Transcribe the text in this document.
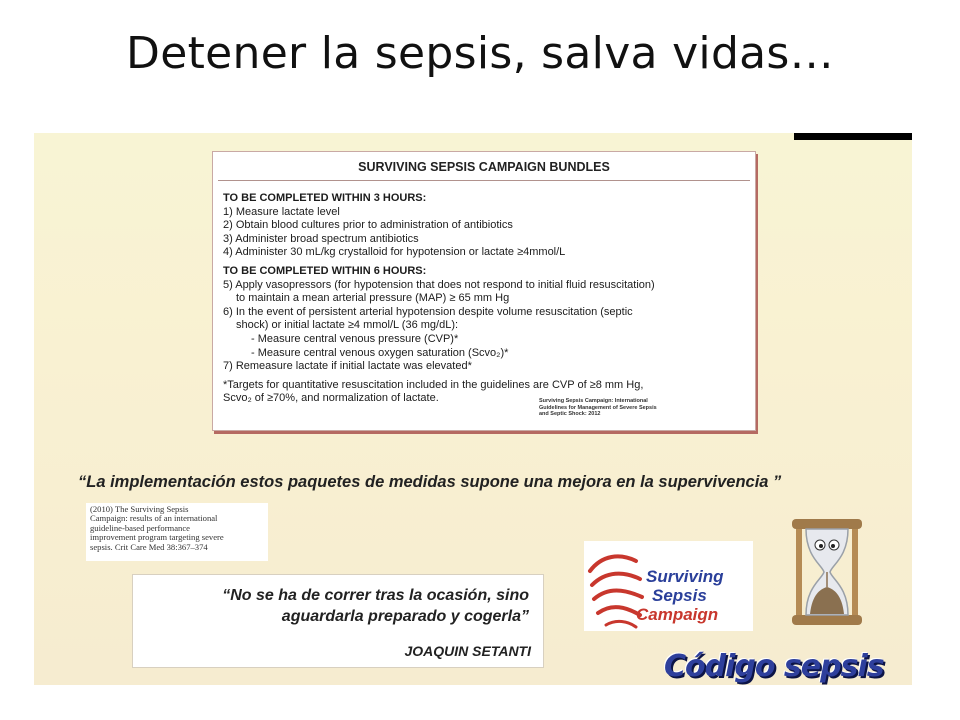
Detener la sepsis, salva vidas…
SURVIVING SEPSIS CAMPAIGN BUNDLES
TO BE COMPLETED WITHIN 3 HOURS:
1) Measure lactate level
2) Obtain blood cultures prior to administration of antibiotics
3) Administer broad spectrum antibiotics
4) Administer 30 mL/kg crystalloid for hypotension or lactate ≥4mmol/L
TO BE COMPLETED WITHIN 6 HOURS:
5) Apply vasopressors (for hypotension that does not respond to initial fluid resuscitation)
to maintain a mean arterial pressure (MAP) ≥ 65 mm Hg
6) In the event of persistent arterial hypotension despite volume resuscitation (septic
shock) or initial lactate ≥4 mmol/L (36 mg/dL):
- Measure central venous pressure (CVP)*
- Measure central venous oxygen saturation (Scvo₂)*
7) Remeasure lactate if initial lactate was elevated*
*Targets for quantitative resuscitation included in the guidelines are CVP of ≥8 mm Hg,
Scvo₂ of ≥70%, and normalization of lactate.	Surviving Sepsis Campaign: International
Guidelines for Management of Severe Sepsis
and Septic Shock: 2012
“La implementación estos paquetes de medidas supone una mejora en la supervivencia ”
(2010) The Surviving Sepsis
Campaign: results of an international
guideline-based performance
improvement program targeting severe
sepsis. Crit Care Med 38:367–374
“No se ha de correr tras la ocasión, sino
aguardarla preparado y cogerla”
JOAQUIN SETANTI
Surviving
Sepsis
Campaign
Código sepsis
